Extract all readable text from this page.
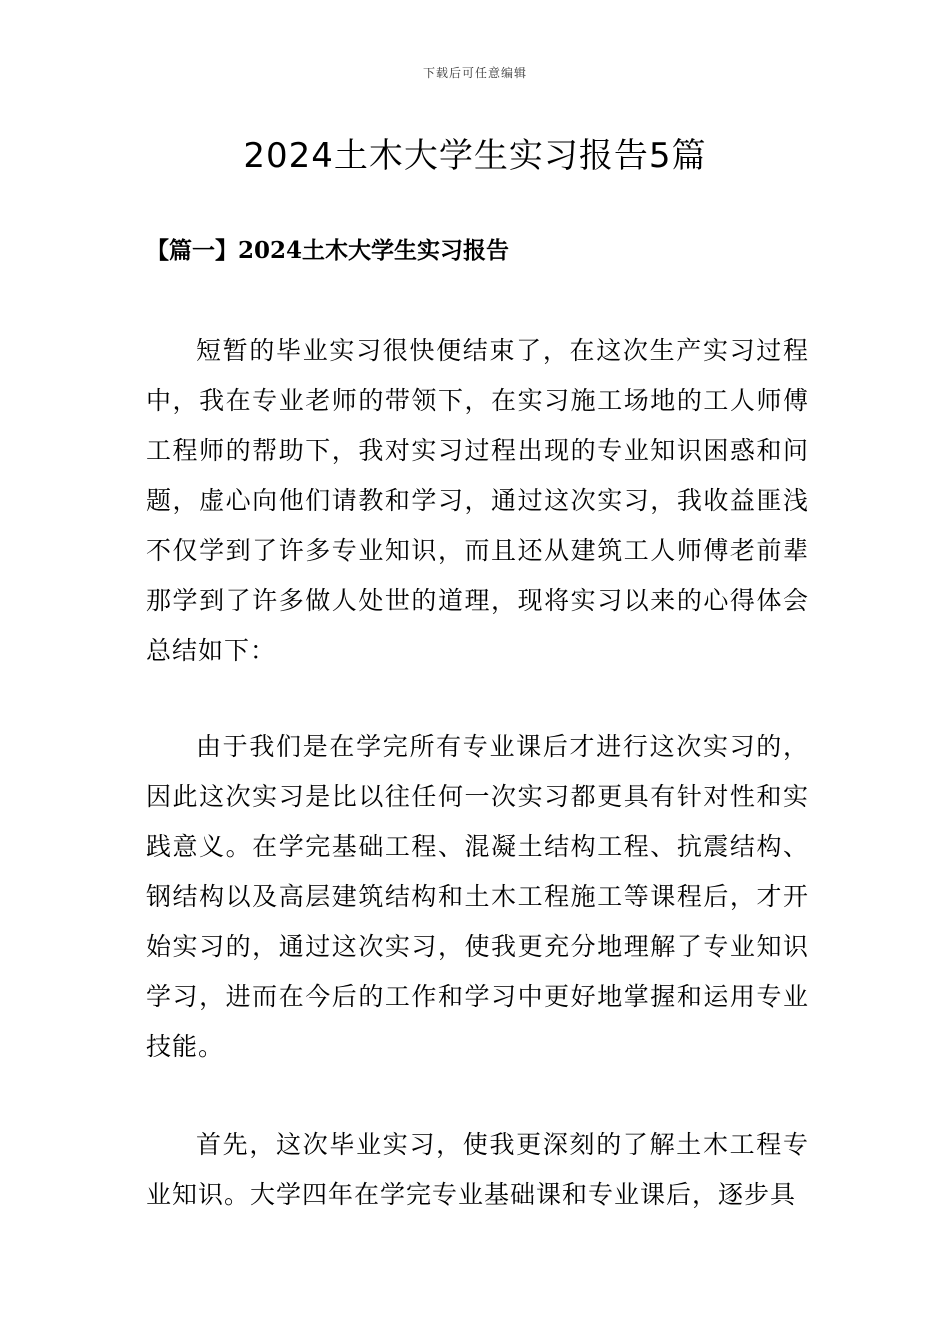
下载后可任意编辑
2024土木大学生实习报告5篇
【篇一】2024土木大学生实习报告

短暂的毕业实习很快便结束了，在这次生产实习过程中，我在专业老师的带领下，在实习施工场地的工人师傅工程师的帮助下，我对实习过程出现的专业知识困惑和问题，虚心向他们请教和学习，通过这次实习，我收益匪浅不仅学到了许多专业知识，而且还从建筑工人师傅老前辈那学到了许多做人处世的道理，现将实习以来的心得体会总结如下：

由于我们是在学完所有专业课后才进行这次实习的，因此这次实习是比以往任何一次实习都更具有针对性和实践意义。在学完基础工程、混凝土结构工程、抗震结构、钢结构以及高层建筑结构和土木工程施工等课程后，才开始实习的，通过这次实习，使我更充分地理解了专业知识学习，进而在今后的工作和学习中更好地掌握和运用专业技能。

首先，这次毕业实习，使我更深刻的了解土木工程专业知识。大学四年在学完专业基础课和专业课后，逐步具
